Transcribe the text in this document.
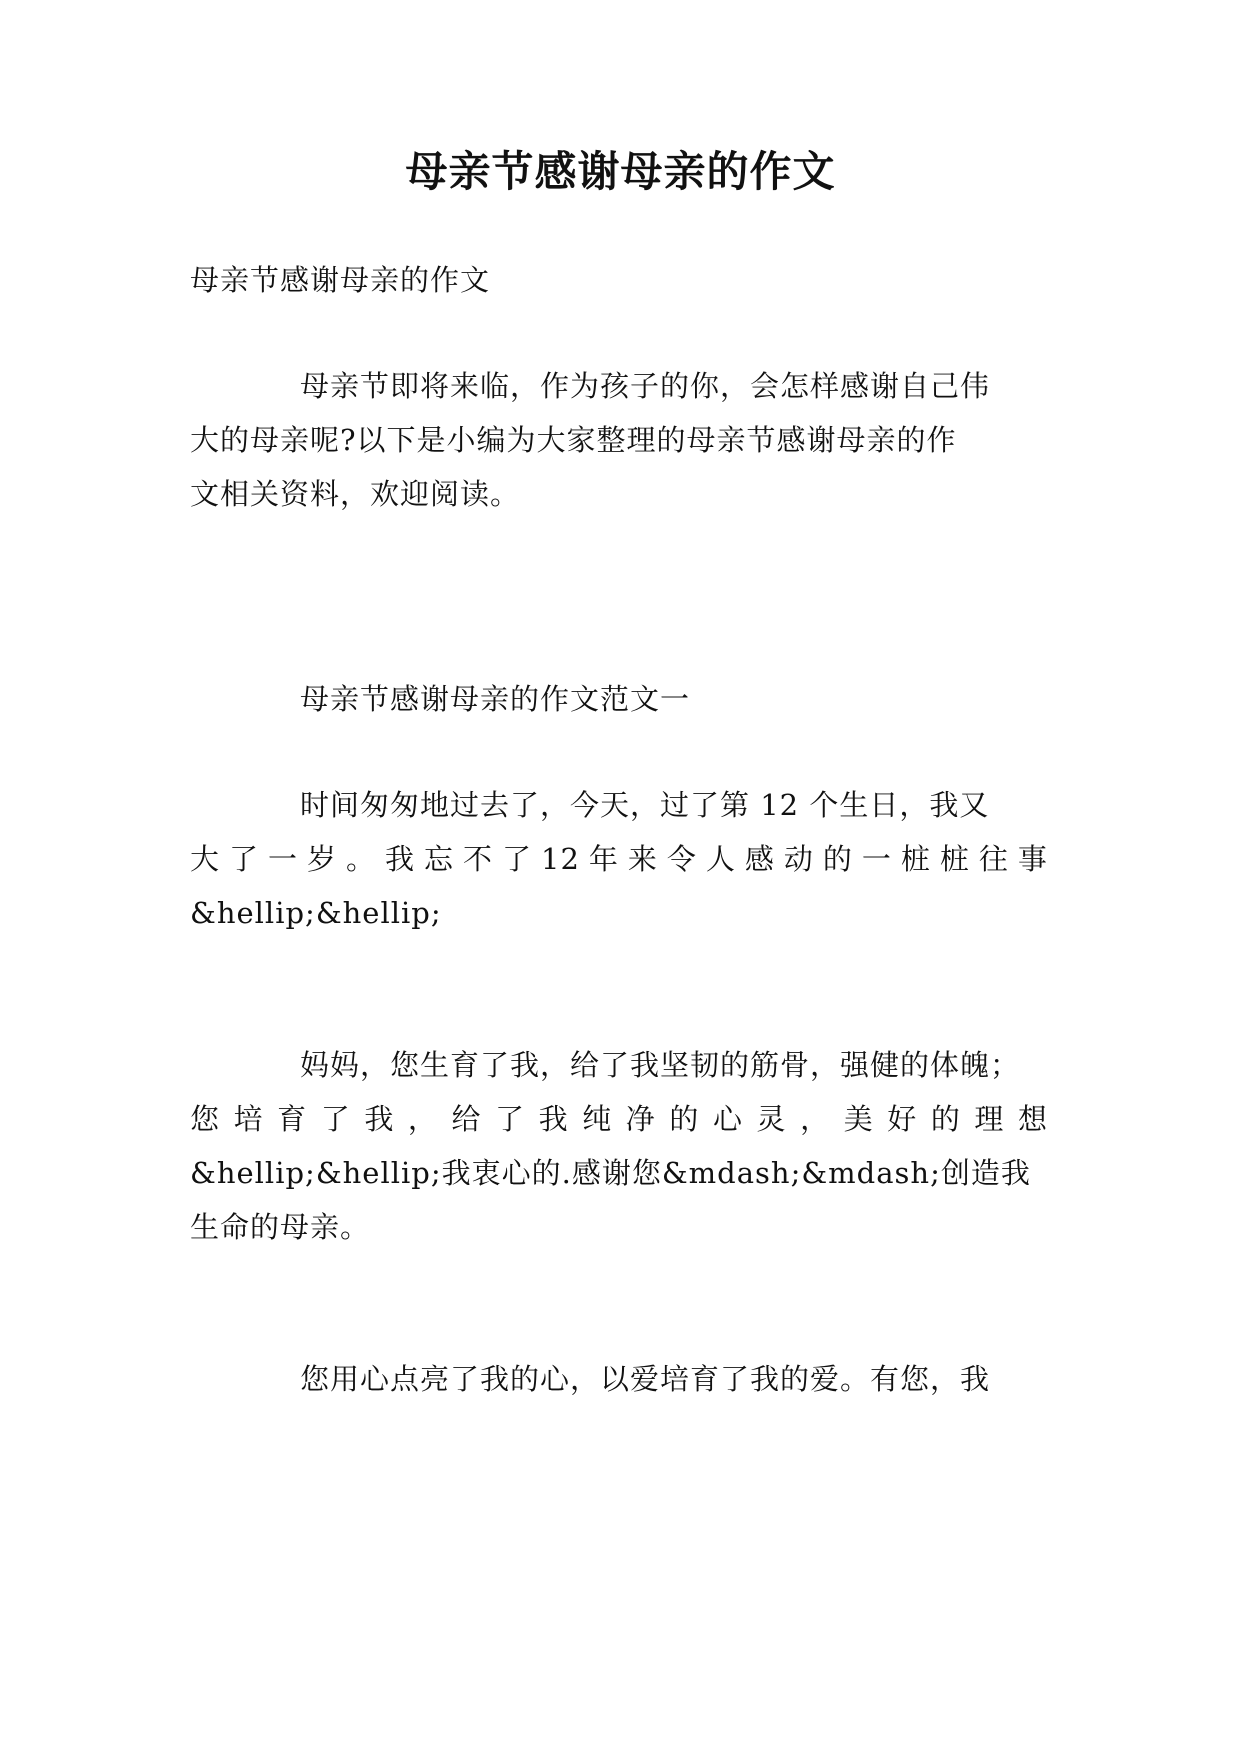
母亲节感谢母亲的作文
母亲节感谢母亲的作文
母亲节即将来临，作为孩子的你，会怎样感谢自己伟
大的母亲呢?以下是小编为大家整理的母亲节感谢母亲的作
文相关资料，欢迎阅读。
母亲节感谢母亲的作文范文一
时间匆匆地过去了，今天，过了第 12 个生日，我又
大 了 一 岁 。 我 忘 不 了 12 年 来 令 人 感 动 的 一 桩 桩 往 事
&hellip;&hellip;
妈妈，您生育了我，给了我坚韧的筋骨，强健的体魄；
您 培 育 了 我 ， 给 了 我 纯 净 的 心 灵 ， 美 好 的 理 想
&hellip;&hellip;我衷心的.感谢您&mdash;&mdash;创造我
生命的母亲。
您用心点亮了我的心，以爱培育了我的爱。有您，我
